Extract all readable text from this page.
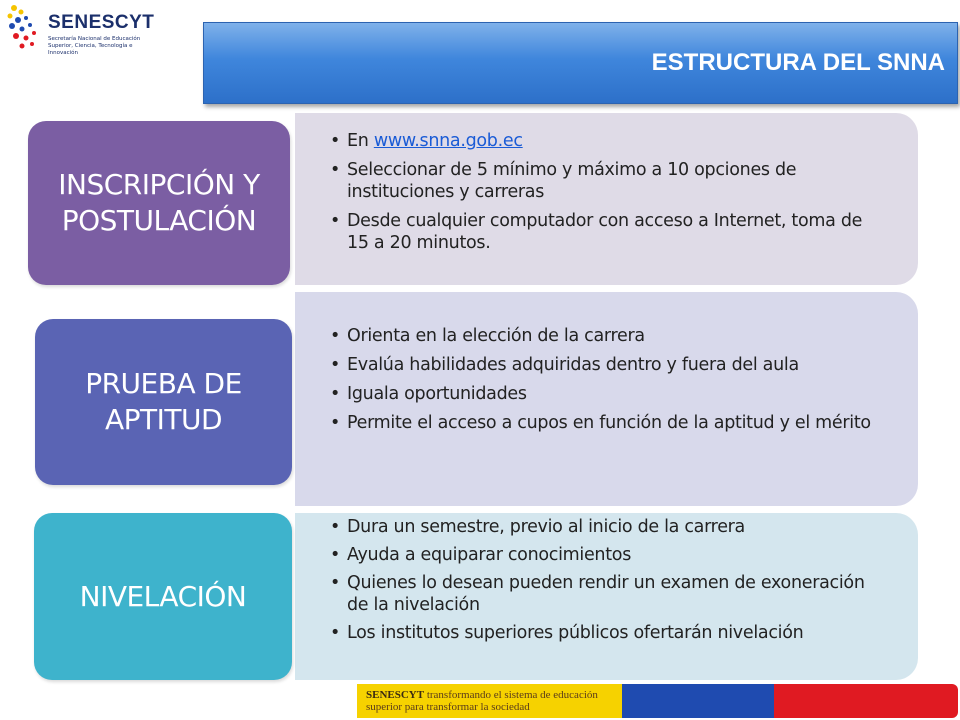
SENESCYT
Secretaría Nacional de Educación Superior, Ciencia, Tecnología e Innovación	ESTRUCTURA DEL SNNA
• En www.snna.gob.ec
• Seleccionar de 5 mínimo y máximo a 10 opciones de instituciones y carreras
• Desde cualquier computador con acceso a Internet, toma de 15 a 20 minutos.
• Orienta en la elección de la carrera
• Evalúa habilidades adquiridas dentro y fuera del aula
• Iguala oportunidades
• Permite el acceso a cupos en función de la aptitud y el mérito
• Dura un semestre, previo al inicio de la carrera
• Ayuda a equiparar conocimientos
• Quienes lo desean pueden rendir un examen de exoneración de la nivelación
• Los institutos superiores públicos ofertarán nivelación
INSCRIPCIÓN Y
POSTULACIÓN
PRUEBA DE
APTITUD
NIVELACIÓN
SENESCYT transformando el sistema de educación
superior para transformar la sociedad
